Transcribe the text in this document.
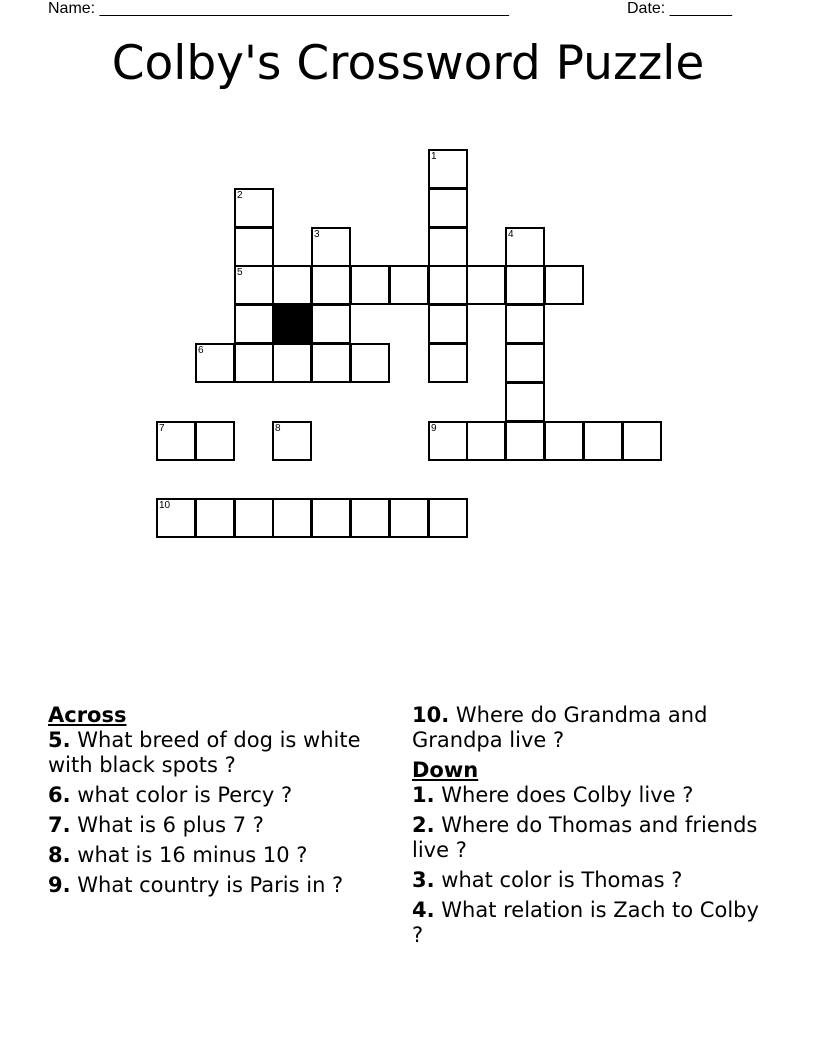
Name: ______________________________________________	Date: _______
Colby's Crossword Puzzle
1
2
5
3	4
6
7	8	9
10

Across

5. What breed of dog is white with black spots ?

6. what color is Percy ?

7. What is 6 plus 7 ?

8. what is 16 minus 10 ?

9. What country is Paris in ?

10. Where do Grandma and Grandpa live ?

Down

1. Where does Colby live ?

2. Where do Thomas and friends live ?

3. what color is Thomas ?

4. What relation is Zach to Colby ?
